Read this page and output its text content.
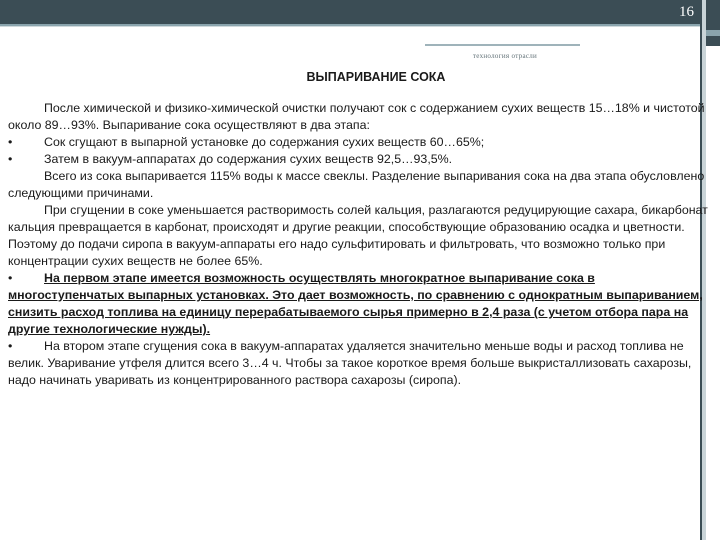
16
технология отрасли
ВЫПАРИВАНИЕ СОКА

После химической и физико-химической очистки получают сок с содержанием сухих веществ 15…18% и чистотой около 89…93%. Выпаривание сока осуществляют в два этапа:

•	Сок сгущают в выпарной установке до содержания сухих веществ 60…65%;

•	Затем в вакуум-аппаратах до содержания сухих веществ 92,5…93,5%.

Всего из сока выпаривается 115% воды к массе свеклы. Разделение выпаривания сока на два этапа обусловлено следующими причинами.

При сгущении в соке уменьшается растворимость солей кальция, разлагаются редуцирующие сахара, бикарбонат кальция превращается в карбонат, происходят и другие реакции, способствующие образованию осадка и цветности. Поэтому до подачи сиропа в вакуум-аппараты его надо сульфитировать и фильтровать, что возможно только при концентрации сухих веществ не более 65%.

•	На первом этапе имеется возможность осуществлять многократное выпаривание сока в многоступенчатых выпарных установках. Это дает возможность, по сравнению с однократным выпариванием, снизить расход топлива на единицу перерабатываемого сырья примерно в 2,4 раза (с учетом отбора пара на другие технологические нужды).

•	На втором этапе сгущения сока в вакуум-аппаратах удаляется значительно меньше воды и расход топлива не велик. Уваривание утфеля длится всего 3…4 ч. Чтобы за такое короткое время больше выкристаллизовать сахарозы, надо начинать уваривать из концентрированного раствора сахарозы (сиропа).
